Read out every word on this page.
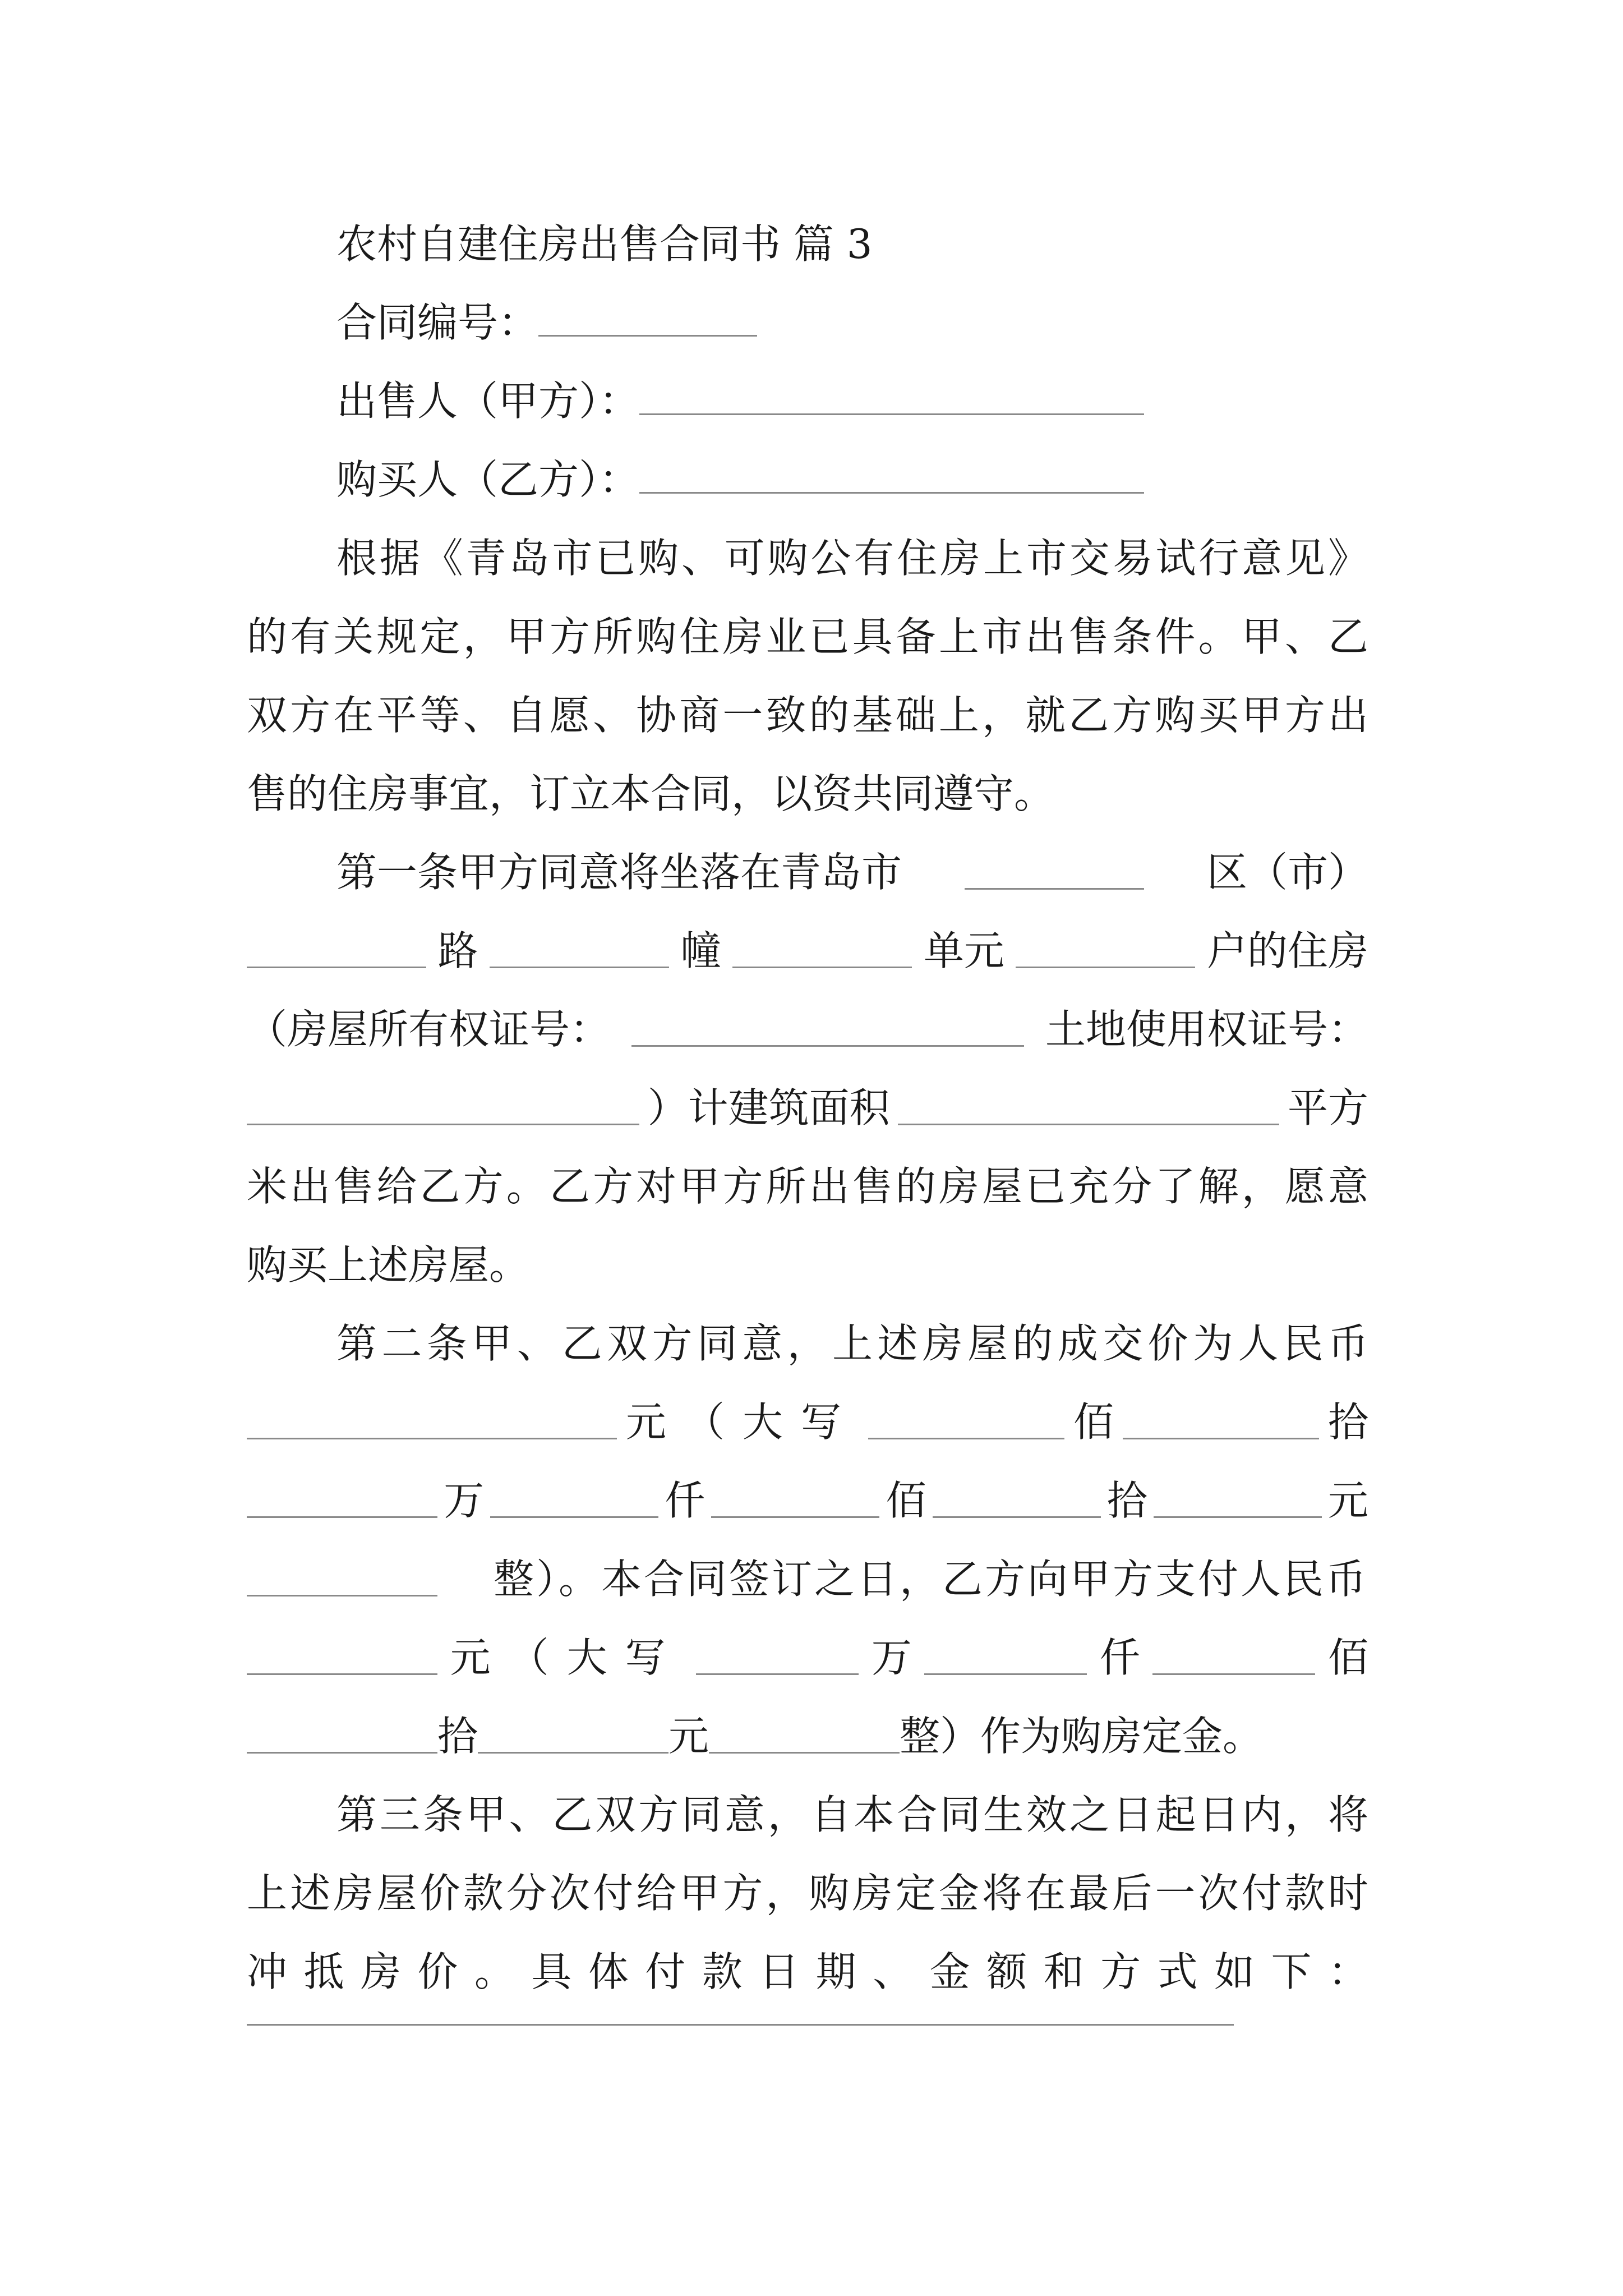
农村自建住房出售合同书 篇 3
合同编号：
出售人（甲方）：
购买人（乙方）：
根据《青岛市已购、可购公有住房上市交易试行意见》
的有关规定，甲方所购住房业已具备上市出售条件。甲、乙
双方在平等、自愿、协商一致的基础上，就乙方购买甲方出
售的住房事宜，订立本合同，以资共同遵守。
第一条甲方同意将坐落在青岛市	区（市）
路	幢	单元	户的住房
（房屋所有权证号：	土地使用权证号：
）计建筑面积	平方
米出售给乙方。乙方对甲方所出售的房屋已充分了解，愿意
购买上述房屋。
第二条甲、乙双方同意，上述房屋的成交价为人民币
元（大写	佰	拾
万	仟	佰	拾	元
整）。本合同签订之日，乙方向甲方支付人民币
元（大写	万	仟	佰
拾	元	整）作为购房定金。
第三条甲、乙双方同意，自本合同生效之日起日内，将
上述房屋价款分次付给甲方，购房定金将在最后一次付款时
冲抵房价。具体付款日期、金额和方式如下：
